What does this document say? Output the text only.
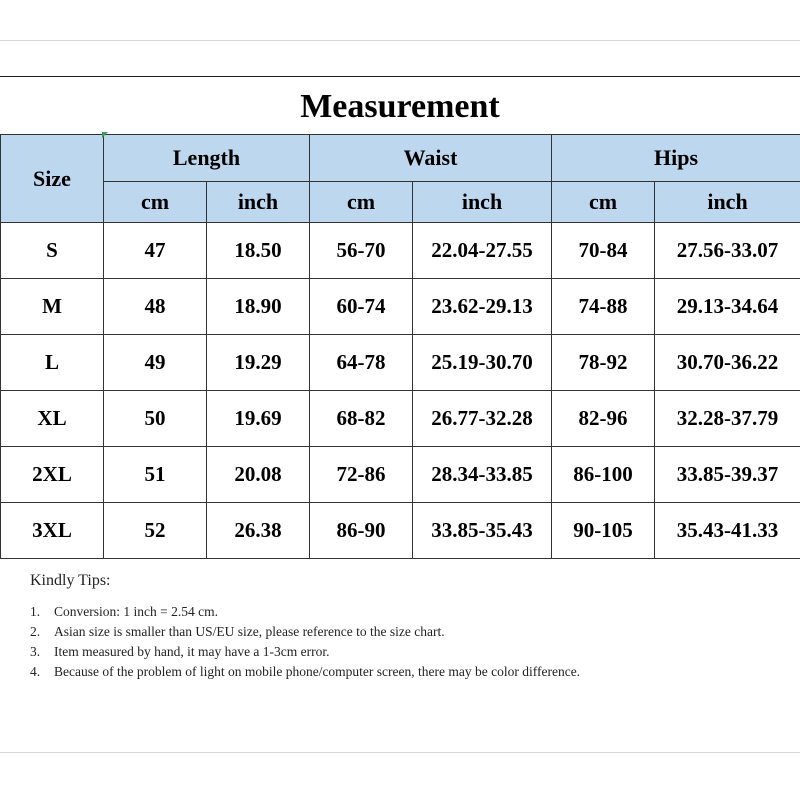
Measurement
Size	Length		Waist		Hips	
	cm	inch	cm	inch	cm	inch
S	47	18.50	56-70	22.04-27.55	70-84	27.56-33.07
M	48	18.90	60-74	23.62-29.13	74-88	29.13-34.64
L	49	19.29	64-78	25.19-30.70	78-92	30.70-36.22
XL	50	19.69	68-82	26.77-32.28	82-96	32.28-37.79
2XL	51	20.08	72-86	28.34-33.85	86-100	33.85-39.37
3XL	52	26.38	86-90	33.85-35.43	90-105	35.43-41.33
Kindly Tips:
1.	Conversion: 1 inch = 2.54 cm.
2.	Asian size is smaller than US/EU size, please reference to the size chart.
3.	Item measured by hand, it may have a 1-3cm error.
4.	Because of the problem of light on mobile phone/computer screen, there may be color difference.
